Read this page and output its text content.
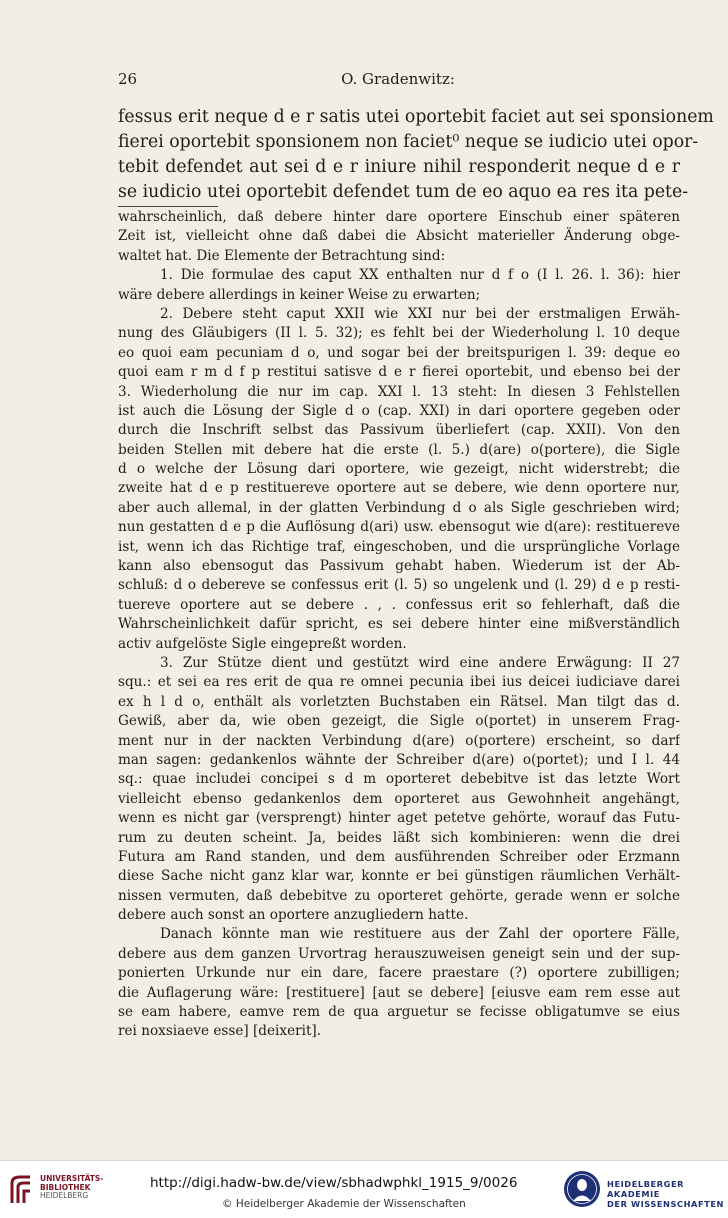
26	O. Gradenwitz:
fessus erit neque d e r satis utei oportebit faciet aut sei sponsionem
fierei oportebit sponsionem non faciet⁰ neque se iudicio utei opor-
tebit defendet aut sei d e r iniure nihil responderit neque d e r
se iudicio utei oportebit defendet tum de eo aquo ea res ita pete-
wahrscheinlich, daß debere hinter dare oportere Einschub einer späteren
Zeit ist, vielleicht ohne daß dabei die Absicht materieller Änderung obge-
waltet hat. Die Elemente der Betrachtung sind:
1. Die formulae des caput XX enthalten nur d f o (I l. 26. l. 36): hier
wäre debere allerdings in keiner Weise zu erwarten;
2. Debere steht caput XXII wie XXI nur bei der erstmaligen Erwäh-
nung des Gläubigers (II l. 5. 32); es fehlt bei der Wiederholung l. 10 deque
eo quoi eam pecuniam d o, und sogar bei der breitspurigen l. 39: deque eo
quoi eam r m d f p restitui satisve d e r fierei oportebit, und ebenso bei der
3. Wiederholung die nur im cap. XXI l. 13 steht: In diesen 3 Fehlstellen
ist auch die Lösung der Sigle d o (cap. XXI) in dari oportere gegeben oder
durch die Inschrift selbst das Passivum überliefert (cap. XXII). Von den
beiden Stellen mit debere hat die erste (l. 5.) d(are) o(portere), die Sigle
d o welche der Lösung dari oportere, wie gezeigt, nicht widerstrebt; die
zweite hat d e p restituereve oportere aut se debere, wie denn oportere nur,
aber auch allemal, in der glatten Verbindung d o als Sigle geschrieben wird;
nun gestatten d e p die Auflösung d(ari) usw. ebensogut wie d(are): restituereve
ist, wenn ich das Richtige traf, eingeschoben, und die ursprüngliche Vorlage
kann also ebensogut das Passivum gehabt haben. Wiederum ist der Ab-
schluß: d o debereve se confessus erit (l. 5) so ungelenk und (l. 29) d e p resti-
tuereve oportere aut se debere . , . confessus erit so fehlerhaft, daß die
Wahrscheinlichkeit dafür spricht, es sei debere hinter eine mißverständlich
activ aufgelöste Sigle eingepreßt worden.
3. Zur Stütze dient und gestützt wird eine andere Erwägung: II 27
squ.: et sei ea res erit de qua re omnei pecunia ibei ius deicei iudiciave darei
ex h l d o, enthält als vorletzten Buchstaben ein Rätsel. Man tilgt das d.
Gewiß, aber da, wie oben gezeigt, die Sigle o(portet) in unserem Frag-
ment nur in der nackten Verbindung d(are) o(portere) erscheint, so darf
man sagen: gedankenlos wähnte der Schreiber d(are) o(portet); und I l. 44
sq.: quae includei concipei s d m oporteret debebitve ist das letzte Wort
vielleicht ebenso gedankenlos dem oporteret aus Gewohnheit angehängt,
wenn es nicht gar (versprengt) hinter aget petetve gehörte, worauf das Futu-
rum zu deuten scheint. Ja, beides läßt sich kombinieren: wenn die drei
Futura am Rand standen, und dem ausführenden Schreiber oder Erzmann
diese Sache nicht ganz klar war, konnte er bei günstigen räumlichen Verhält-
nissen vermuten, daß debebitve zu oporteret gehörte, gerade wenn er solche
debere auch sonst an oportere anzugliedern hatte.
Danach könnte man wie restituere aus der Zahl der oportere Fälle,
debere aus dem ganzen Urvortrag herauszuweisen geneigt sein und der sup-
ponierten Urkunde nur ein dare, facere praestare (?) oportere zubilligen;
die Auflagerung wäre: [restituere] [aut se debere] [eiusve eam rem esse aut
se eam habere, eamve rem de qua arguetur se fecisse obligatumve se eius
rei noxsiaeve esse] [deixerit].
UNIVERSITÄTS-
BIBLIOTHEK
HEIDELBERG
http://digi.hadw-bw.de/view/sbhadwphkl_1915_9/0026
© Heidelberger Akademie der Wissenschaften
HEIDELBERGER AKADEMIE
DER WISSENSCHAFTEN
